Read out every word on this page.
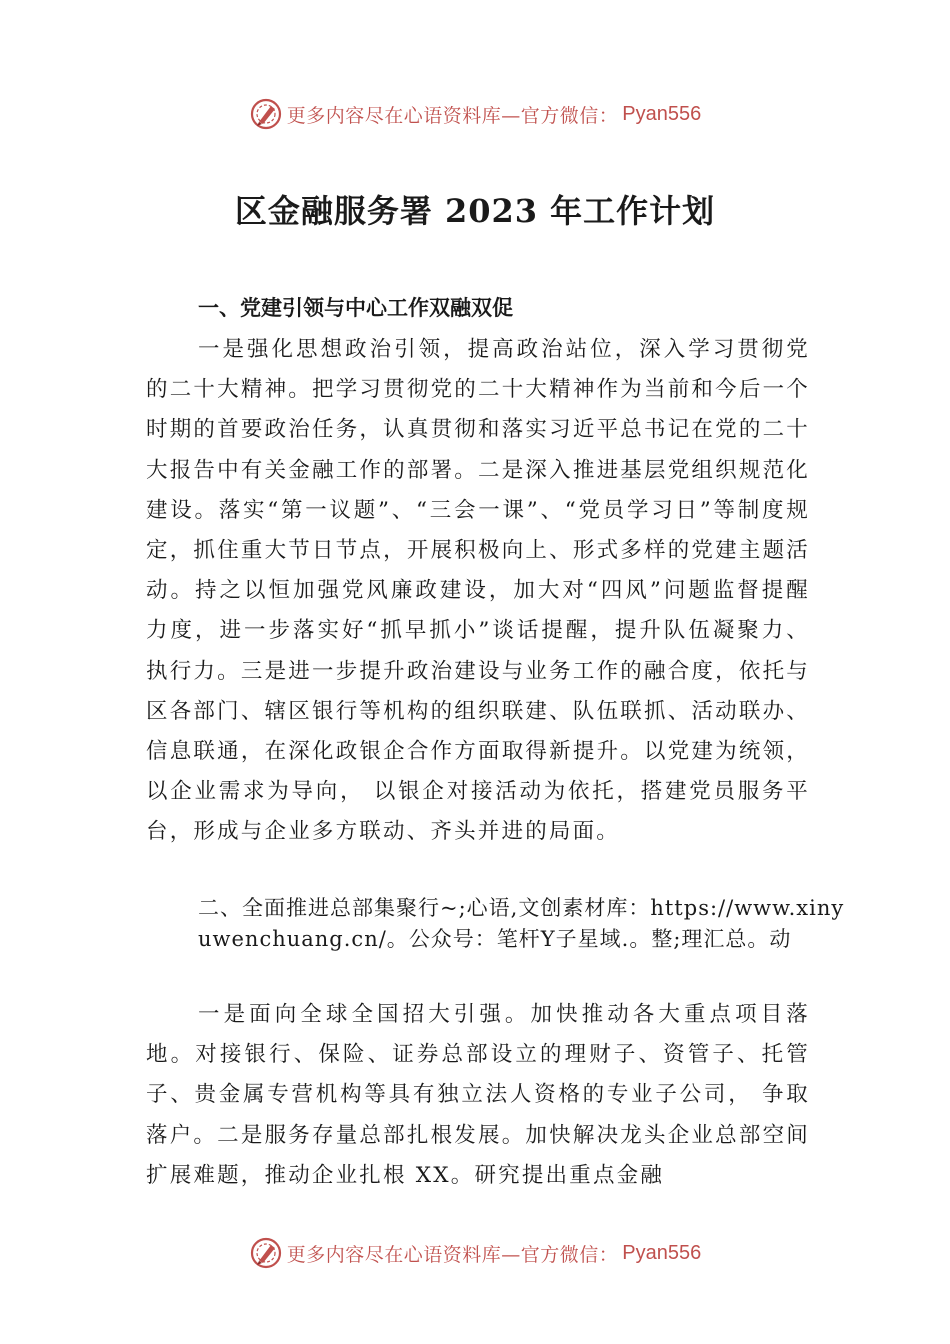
更多内容尽在心语资料库—官方微信： Pyan556
区金融服务署 2023 年工作计划
一、党建引领与中心工作双融双促

一是强化思想政治引领，提高政治站位，深入学习贯彻党的二十大精神。把学习贯彻党的二十大精神作为当前和今后一个时期的首要政治任务，认真贯彻和落实习近平总书记在党的二十大报告中有关金融工作的部署。二是深入推进基层党组织规范化建设。落实“第一议题”、“三会一课”、“党员学习日”等制度规定，抓住重大节日节点，开展积极向上、形式多样的党建主题活动。持之以恒加强党风廉政建设，加大对“四风”问题监督提醒力度，进一步落实好“抓早抓小”谈话提醒，提升队伍凝聚力、执行力。三是进一步提升政治建设与业务工作的融合度，依托与区各部门、辖区银行等机构的组织联建、队伍联抓、活动联办、信息联通，在深化政银企合作方面取得新提升。以党建为统领，以企业需求为导向， 以银企对接活动为依托，搭建党员服务平台，形成与企业多方联动、齐头并进的局面。

二、全面推进总部集聚行~;心语,文创素材库：https://www.xinyuwenchuang.cn/。公众号：笔杆Y子星域.。整;理汇总。动

一是面向全球全国招大引强。加快推动各大重点项目落地。对接银行、保险、证券总部设立的理财子、资管子、托管子、贵金属专营机构等具有独立法人资格的专业子公司， 争取落户。二是服务存量总部扎根发展。加快解决龙头企业总部空间扩展难题，推动企业扎根 XX。研究提出重点金融

更多内容尽在心语资料库—官方微信： Pyan556
